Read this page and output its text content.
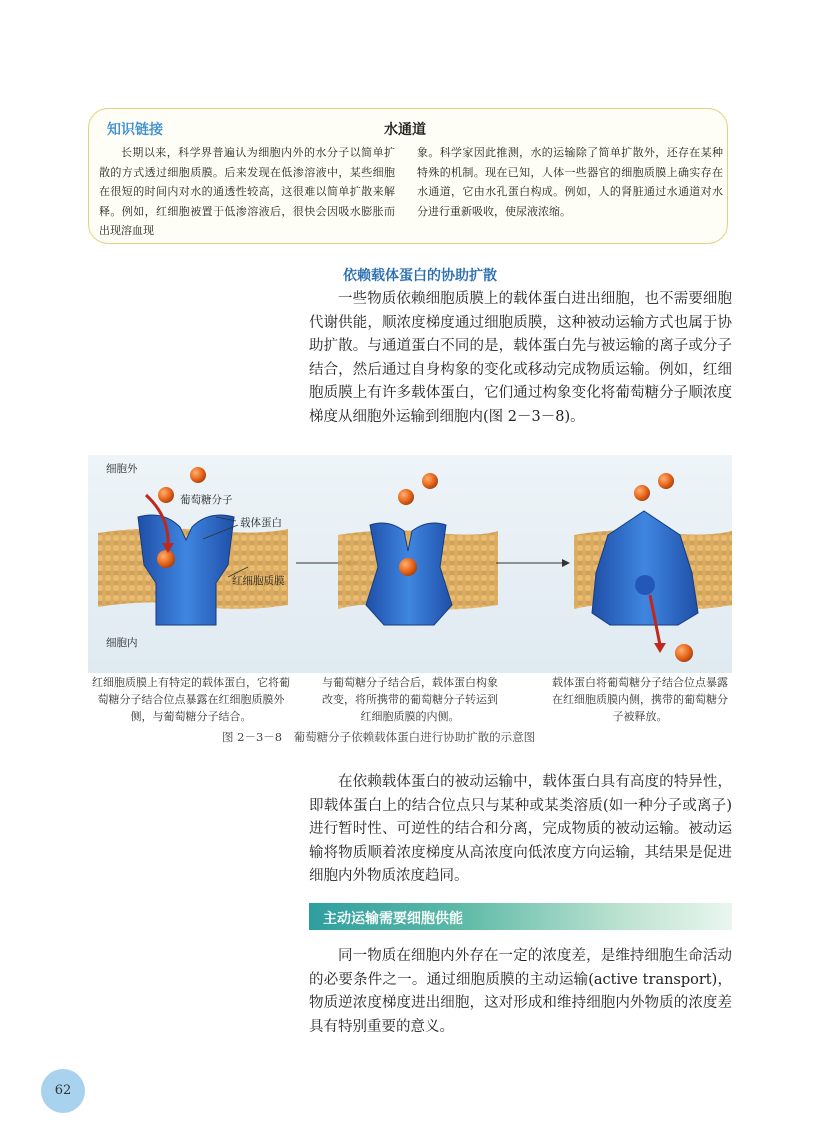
知识链接	水通道

长期以来，科学界普遍认为细胞内外的水分子以简单扩散的方式透过细胞质膜。后来发现在低渗溶液中，某些细胞在很短的时间内对水的通透性较高，这很难以简单扩散来解释。例如，红细胞被置于低渗溶液后，很快会因吸水膨胀而出现溶血现

象。科学家因此推测，水的运输除了简单扩散外，还存在某种特殊的机制。现在已知，人体一些器官的细胞质膜上确实存在水通道，它由水孔蛋白构成。例如，人的肾脏通过水通道对水分进行重新吸收，使尿液浓缩。

依赖载体蛋白的协助扩散

一些物质依赖细胞质膜上的载体蛋白进出细胞，也不需要细胞代谢供能，顺浓度梯度通过细胞质膜，这种被动运输方式也属于协助扩散。与通道蛋白不同的是，载体蛋白先与被运输的离子或分子结合，然后通过自身构象的变化或移动完成物质运输。例如，红细胞质膜上有许多载体蛋白，它们通过构象变化将葡萄糖分子顺浓度梯度从细胞外运输到细胞内(图 2－3－8)。

细胞外
葡萄糖分子
载体蛋白
红细胞质膜
细胞内
红细胞质膜上有特定的载体蛋白，它将葡萄糖分子结合位点暴露在红细胞质膜外侧，与葡萄糖分子结合。
与葡萄糖分子结合后，载体蛋白构象改变，将所携带的葡萄糖分子转运到红细胞质膜的内侧。
载体蛋白将葡萄糖分子结合位点暴露在红细胞质膜内侧，携带的葡萄糖分子被释放。
图 2－3－8　葡萄糖分子依赖载体蛋白进行协助扩散的示意图

在依赖载体蛋白的被动运输中，载体蛋白具有高度的特异性，即载体蛋白上的结合位点只与某种或某类溶质(如一种分子或离子)进行暂时性、可逆性的结合和分离，完成物质的被动运输。被动运输将物质顺着浓度梯度从高浓度向低浓度方向运输，其结果是促进细胞内外物质浓度趋同。

主动运输需要细胞供能

同一物质在细胞内外存在一定的浓度差，是维持细胞生命活动的必要条件之一。通过细胞质膜的主动运输(active transport)，物质逆浓度梯度进出细胞，这对形成和维持细胞内外物质的浓度差具有特别重要的意义。

62
